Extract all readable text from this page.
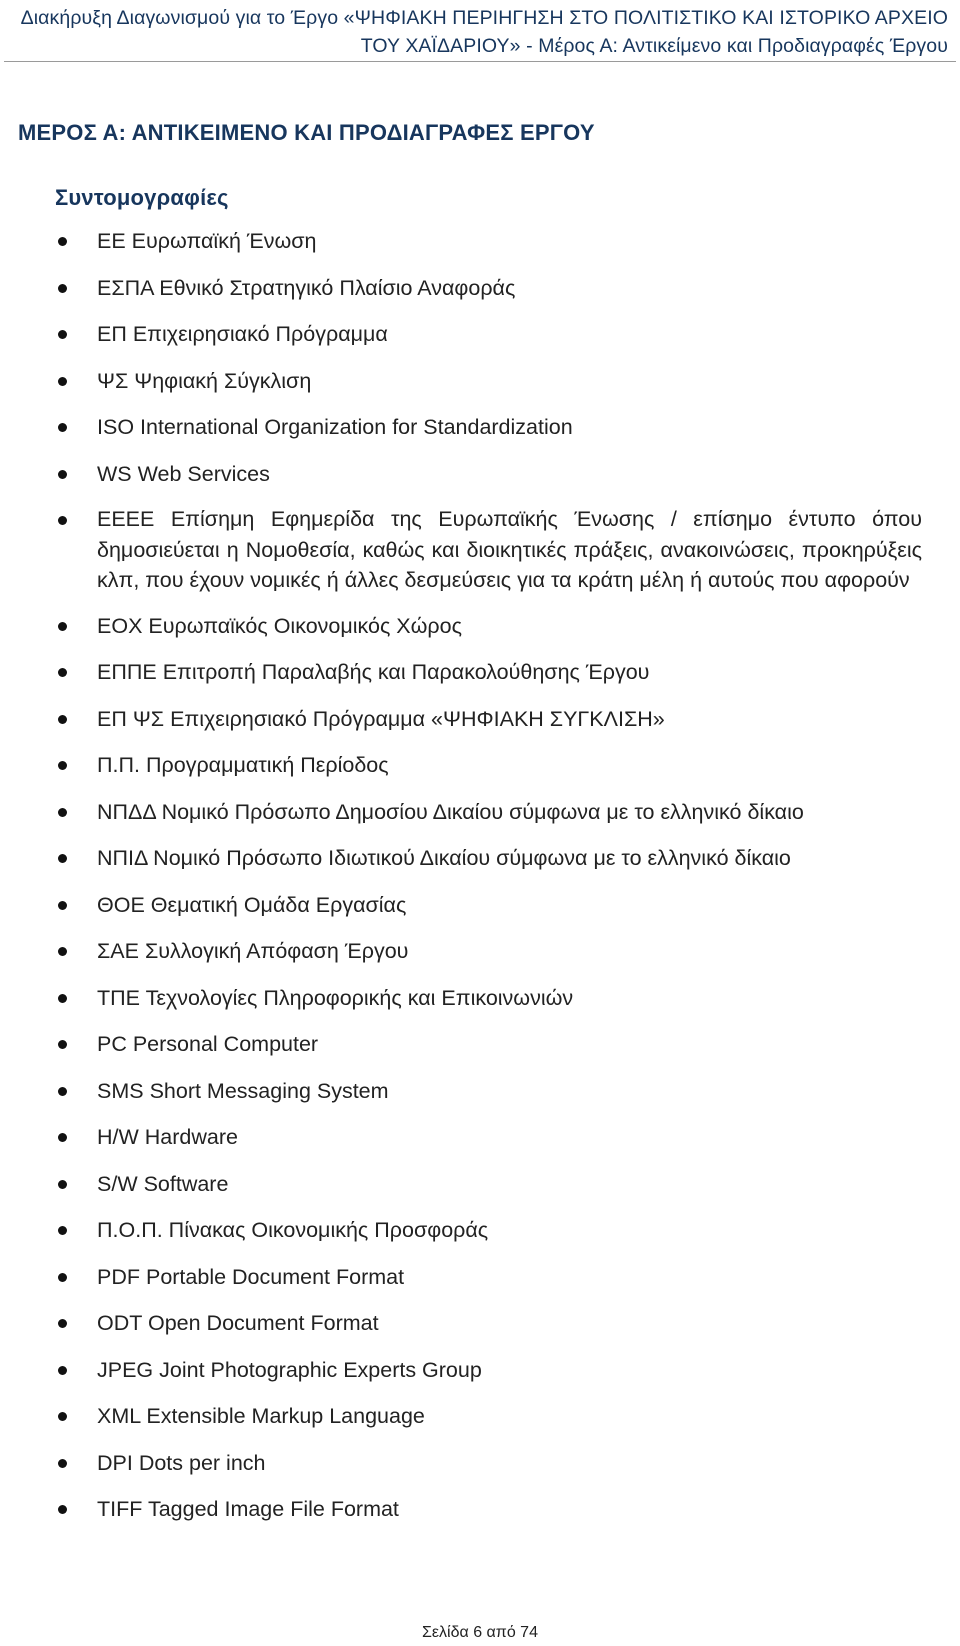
Διακήρυξη Διαγωνισμού για το Έργο «ΨΗΦΙΑΚΗ ΠΕΡΙΗΓΗΣΗ ΣΤΟ ΠΟΛΙΤΙΣΤΙΚΟ ΚΑΙ ΙΣΤΟΡΙΚΟ ΑΡΧΕΙΟ
ΤΟΥ ΧΑΪΔΑΡΙΟΥ» - Μέρος Α: Αντικείμενο και Προδιαγραφές Έργου
ΜΕΡΟΣ Α: ΑΝΤΙΚΕΙΜΕΝΟ ΚΑΙ ΠΡΟΔΙΑΓΡΑΦΕΣ ΕΡΓΟΥ
Συντομογραφίες
ΕΕ Ευρωπαϊκή Ένωση
ΕΣΠΑ Εθνικό Στρατηγικό Πλαίσιο Αναφοράς
ΕΠ Επιχειρησιακό Πρόγραμμα
ΨΣ Ψηφιακή Σύγκλιση
ISO International Organization for Standardization
WS Web Services
ΕΕΕΕ Επίσημη Εφημερίδα της Ευρωπαϊκής Ένωσης / επίσημο έντυπο όπου δημοσιεύεται η Νομοθεσία, καθώς και διοικητικές πράξεις, ανακοινώσεις, προκηρύξεις κλπ, που έχουν νομικές ή άλλες δεσμεύσεις για τα κράτη μέλη ή αυτούς που αφορούν
ΕΟΧ Ευρωπαϊκός Οικονομικός Χώρος
ΕΠΠΕ Επιτροπή Παραλαβής και Παρακολούθησης Έργου
ΕΠ ΨΣ Επιχειρησιακό Πρόγραμμα «ΨΗΦΙΑΚΗ ΣΥΓΚΛΙΣΗ»
Π.Π. Προγραμματική Περίοδος
ΝΠΔΔ Νομικό Πρόσωπο Δημοσίου Δικαίου σύμφωνα με το ελληνικό δίκαιο
ΝΠΙΔ Νομικό Πρόσωπο Ιδιωτικού Δικαίου σύμφωνα με το ελληνικό δίκαιο
ΘΟΕ Θεματική Ομάδα Εργασίας
ΣΑΕ Συλλογική Απόφαση Έργου
ΤΠΕ Τεχνολογίες Πληροφορικής και Επικοινωνιών
PC Personal Computer
SMS Short Messaging System
H/W Hardware
S/W Software
Π.Ο.Π. Πίνακας Οικονομικής Προσφοράς
PDF Portable Document Format
ODT Open Document Format
JPEG Joint Photographic Experts Group
XML Extensible Markup Language
DPI Dots per inch
TIFF Tagged Image File Format
Σελίδα 6 από 74
